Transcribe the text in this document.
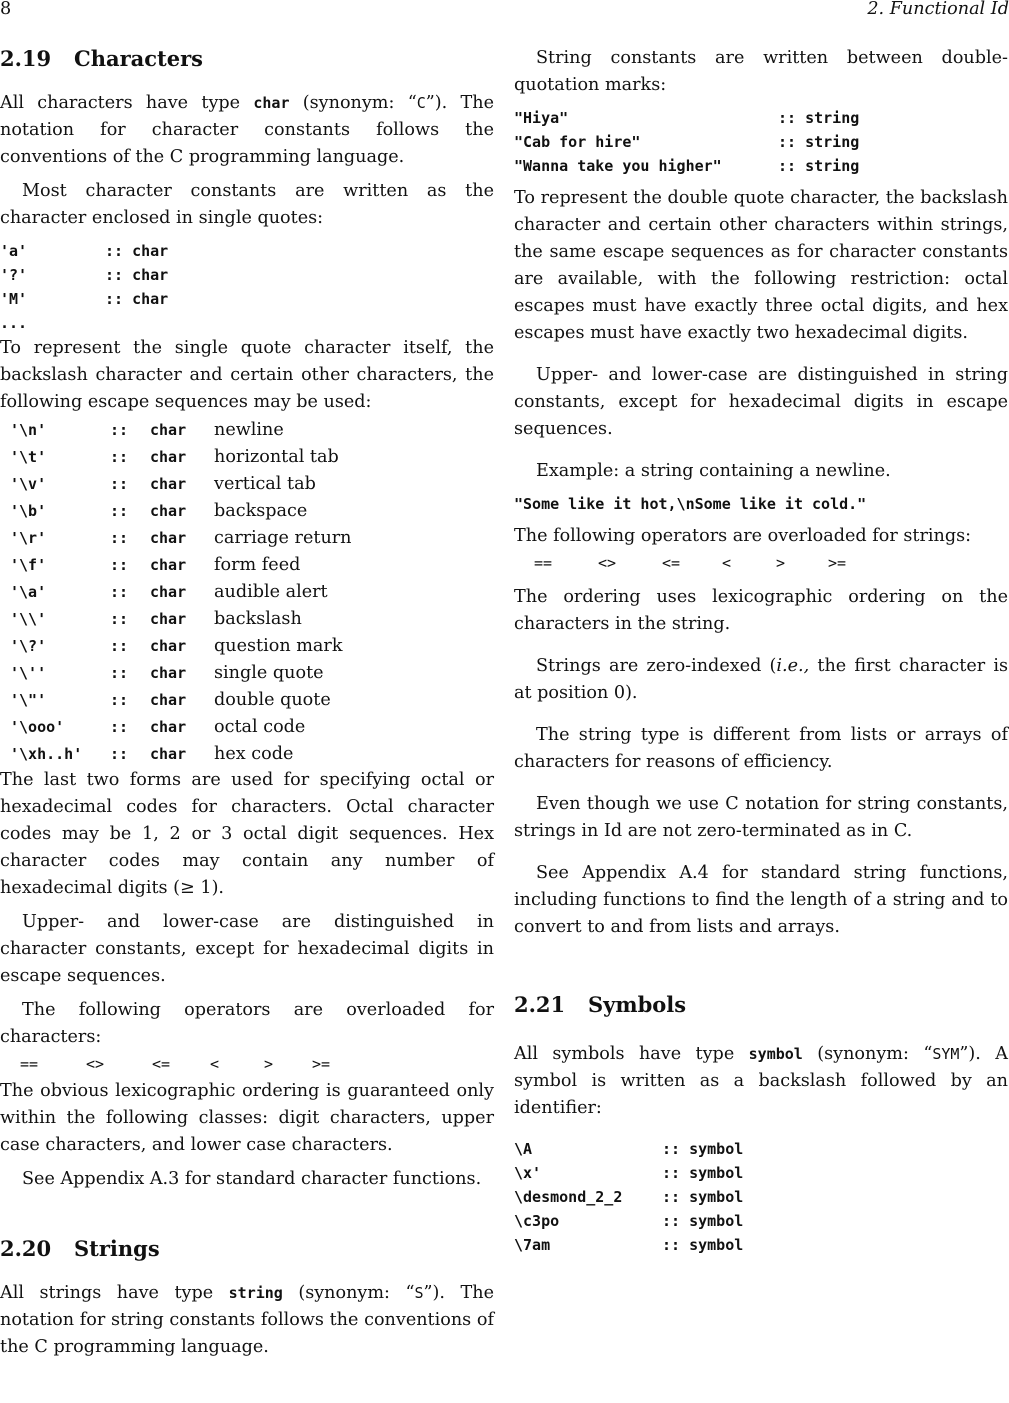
8	2. Functional Id
2.19 Characters

All characters have type char (synonym: “C”). The notation for character constants follows the conventions of the C programming language.

Most character constants are written as the character enclosed in single quotes:

'a'	:: char
'?'	:: char
'M'	:: char
...

To represent the single quote character itself, the backslash character and certain other characters, the following escape sequences may be used:

'\n'	::	char	newline
'\t'	::	char	horizontal tab
'\v'	::	char	vertical tab
'\b'	::	char	backspace
'\r'	::	char	carriage return
'\f'	::	char	form feed
'\a'	::	char	audible alert
'\\'	::	char	backslash
'\?'	::	char	question mark
'\''	::	char	single quote
'\"'	::	char	double quote
'\ooo'	::	char	octal code
'\xh..h'	::	char	hex code

The last two forms are used for specifying octal or hexadecimal codes for characters. Octal character codes may be 1, 2 or 3 octal digit sequences. Hex character codes may contain any number of hexadecimal digits (≥ 1).

Upper- and lower-case are distinguished in character constants, except for hexadecimal digits in escape sequences.

The following operators are overloaded for characters:

==	<>	<=	<	>	>=

The obvious lexicographic ordering is guaranteed only within the following classes: digit characters, upper case characters, and lower case characters.

See Appendix A.3 for standard character functions.

2.20 Strings

All strings have type string (synonym: “S”). The notation for string constants follows the conventions of the C programming language.

String constants are written between double-quotation marks:

"Hiya"	:: string
"Cab for hire"	:: string
"Wanna take you higher"	:: string

To represent the double quote character, the backslash character and certain other characters within strings, the same escape sequences as for character constants are available, with the following restriction: octal escapes must have exactly three octal digits, and hex escapes must have exactly two hexadecimal digits.

Upper- and lower-case are distinguished in string constants, except for hexadecimal digits in escape sequences.

Example: a string containing a newline.

"Some like it hot,\nSome like it cold."

The following operators are overloaded for strings:

==	<>	<=	<	>	>=

The ordering uses lexicographic ordering on the characters in the string.

Strings are zero-indexed (i.e., the first character is at position 0).

The string type is different from lists or arrays of characters for reasons of efficiency.

Even though we use C notation for string constants, strings in Id are not zero-terminated as in C.

See Appendix A.4 for standard string functions, including functions to find the length of a string and to convert to and from lists and arrays.

2.21 Symbols

All symbols have type symbol (synonym: “SYM”). A symbol is written as a backslash followed by an identifier:

\A	:: symbol
\x'	:: symbol
\desmond_2_2	:: symbol
\c3po	:: symbol
\7am	:: symbol
